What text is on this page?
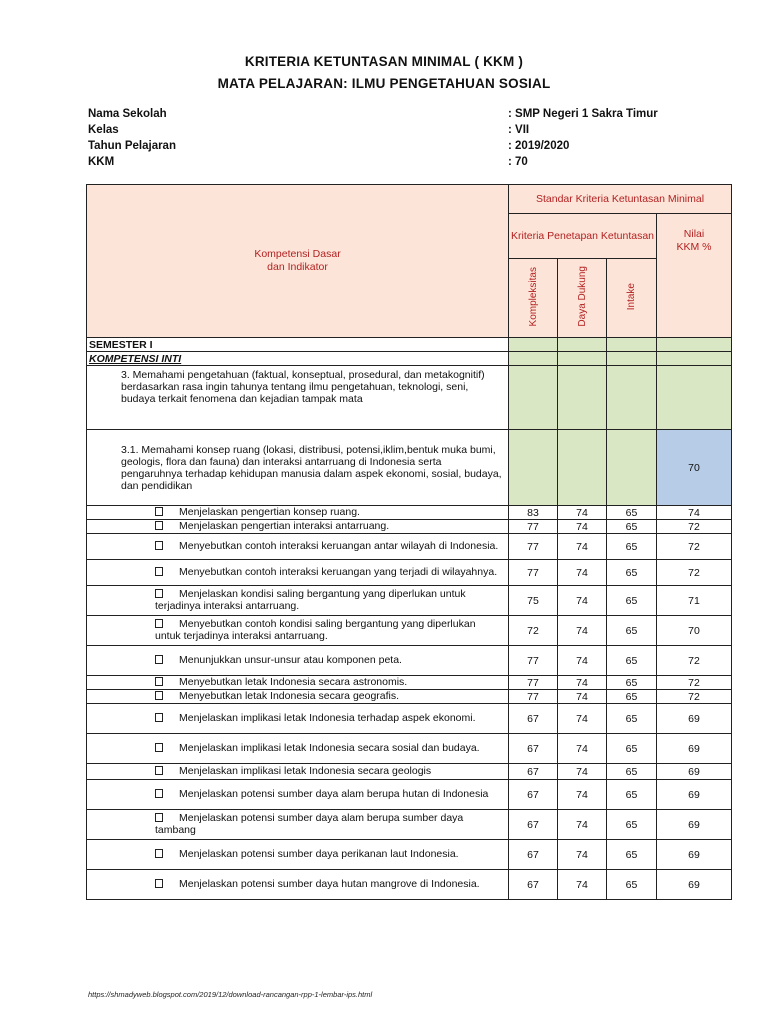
KRITERIA KETUNTASAN MINIMAL ( KKM )
MATA PELAJARAN: ILMU PENGETAHUAN SOSIAL
Nama Sekolah	: SMP Negeri 1 Sakra Timur
Kelas	: VII
Tahun Pelajaran	: 2019/2020
KKM	: 70
Kompetensi Dasar
dan Indikator	Standar Kriteria Ketuntasan Minimal			
	Kriteria Penetapan Ketuntasan			Nilai
KKM %

	Kompleksitas	Daya Dukung	Intake	
SEMESTER I				
KOMPETENSI INTI				
3. Memahami pengetahuan (faktual, konseptual, prosedural, dan metakognitif) berdasarkan rasa ingin tahunya tentang ilmu pengetahuan, teknologi, seni, budaya terkait fenomena dan kejadian tampak mata				
3.1. Memahami konsep ruang (lokasi, distribusi, potensi,iklim,bentuk muka bumi, geologis, flora dan fauna) dan interaksi antarruang di Indonesia serta pengaruhnya terhadap kehidupan manusia dalam aspek ekonomi, sosial, budaya, dan pendidikan				70
Menjelaskan pengertian konsep ruang.	83	74	65	74
Menjelaskan pengertian interaksi antarruang.	77	74	65	72
Menyebutkan contoh interaksi keruangan antar wilayah di Indonesia.	77	74	65	72
Menyebutkan contoh interaksi keruangan yang terjadi di wilayahnya.	77	74	65	72
Menjelaskan kondisi saling bergantung yang diperlukan untuk terjadinya interaksi antarruang.	75	74	65	71
Menyebutkan contoh kondisi saling bergantung yang diperlukan untuk terjadinya interaksi antarruang.	72	74	65	70
Menunjukkan unsur-unsur atau komponen peta.	77	74	65	72
Menyebutkan letak Indonesia secara astronomis.	77	74	65	72
Menyebutkan letak Indonesia secara geografis.	77	74	65	72
Menjelaskan implikasi letak Indonesia terhadap aspek ekonomi.	67	74	65	69
Menjelaskan implikasi letak Indonesia secara sosial dan budaya.	67	74	65	69
Menjelaskan implikasi letak Indonesia secara geologis	67	74	65	69
Menjelaskan potensi sumber daya alam berupa hutan di Indonesia	67	74	65	69
Menjelaskan potensi sumber daya alam berupa sumber daya tambang	67	74	65	69
Menjelaskan potensi sumber daya perikanan laut Indonesia.	67	74	65	69
Menjelaskan potensi sumber daya hutan mangrove di Indonesia.	67	74	65	69
https://shmadyweb.blogspot.com/2019/12/download-rancangan-rpp-1-lembar-ips.html
